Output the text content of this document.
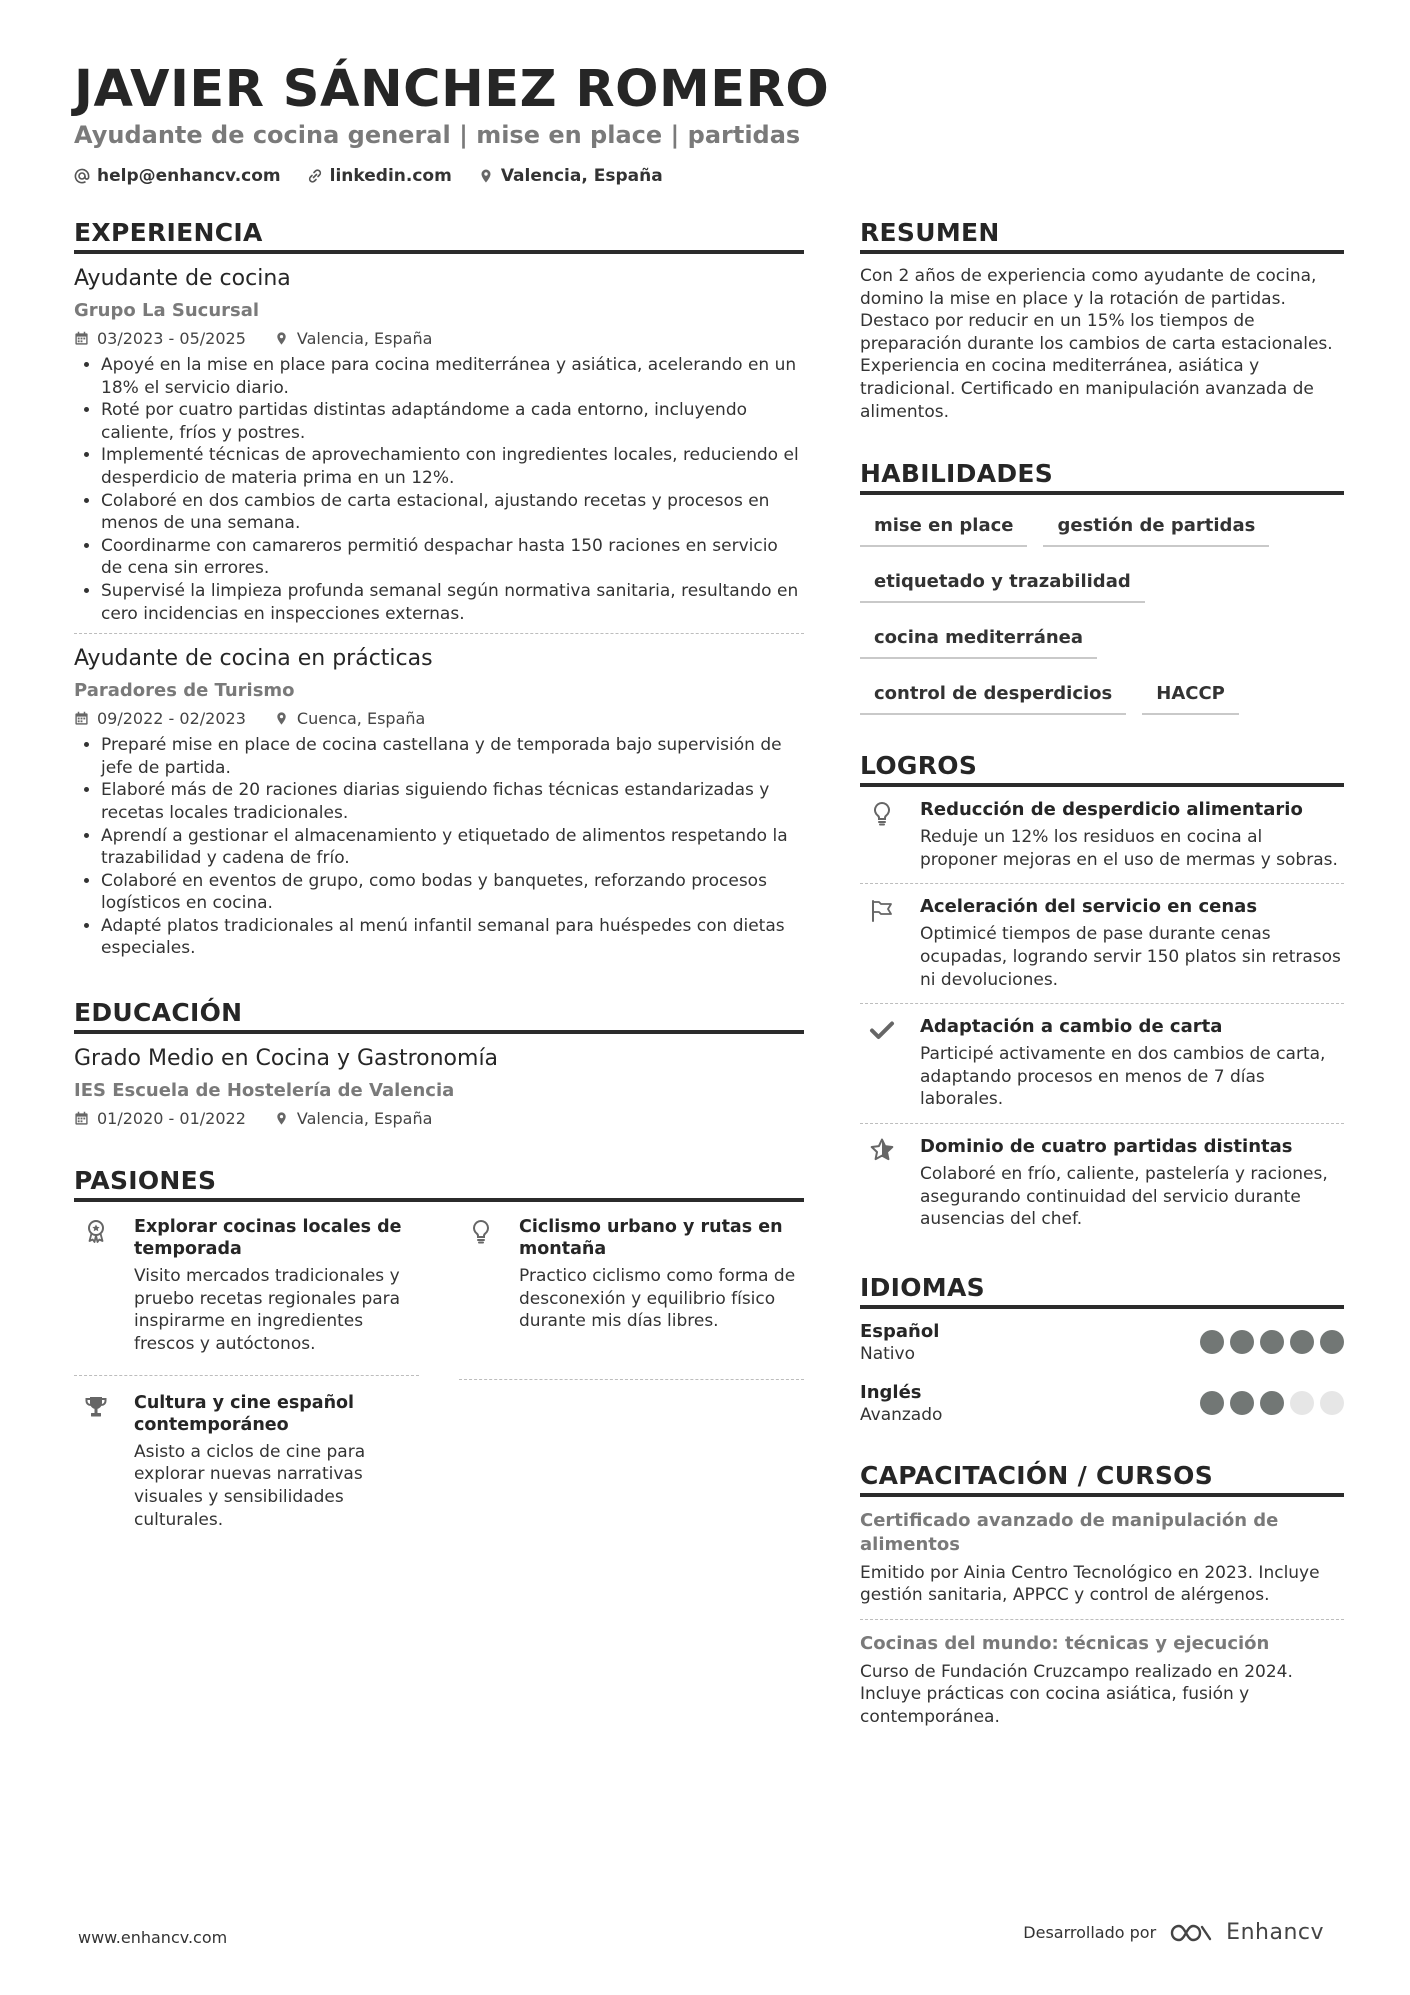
JAVIER SÁNCHEZ ROMERO
Ayudante de cocina general | mise en place | partidas
help@enhancv.com	linkedin.com	Valencia, España
EXPERIENCIA
Ayudante de cocina
Grupo La Sucursal
03/2023 - 05/2025	Valencia, España
• Apoyé en la mise en place para cocina mediterránea y asiática, acelerando en un 18% el servicio diario.
• Roté por cuatro partidas distintas adaptándome a cada entorno, incluyendo caliente, fríos y postres.
• Implementé técnicas de aprovechamiento con ingredientes locales, reduciendo el desperdicio de materia prima en un 12%.
• Colaboré en dos cambios de carta estacional, ajustando recetas y procesos en menos de una semana.
• Coordinarme con camareros permitió despachar hasta 150 raciones en servicio de cena sin errores.
• Supervisé la limpieza profunda semanal según normativa sanitaria, resultando en cero incidencias en inspecciones externas.
Ayudante de cocina en prácticas
Paradores de Turismo
09/2022 - 02/2023	Cuenca, España
• Preparé mise en place de cocina castellana y de temporada bajo supervisión de jefe de partida.
• Elaboré más de 20 raciones diarias siguiendo fichas técnicas estandarizadas y recetas locales tradicionales.
• Aprendí a gestionar el almacenamiento y etiquetado de alimentos respetando la trazabilidad y cadena de frío.
• Colaboré en eventos de grupo, como bodas y banquetes, reforzando procesos logísticos en cocina.
• Adapté platos tradicionales al menú infantil semanal para huéspedes con dietas especiales.
EDUCACIÓN
Grado Medio en Cocina y Gastronomía
IES Escuela de Hostelería de Valencia
01/2020 - 01/2022	Valencia, España
PASIONES
Explorar cocinas locales de temporada
Visito mercados tradicionales y pruebo recetas regionales para inspirarme en ingredientes frescos y autóctonos.
Ciclismo urbano y rutas en montaña
Practico ciclismo como forma de desconexión y equilibrio físico durante mis días libres.
Cultura y cine español contemporáneo
Asisto a ciclos de cine para explorar nuevas narrativas visuales y sensibilidades culturales.
RESUMEN
Con 2 años de experiencia como ayudante de cocina, domino la mise en place y la rotación de partidas. Destaco por reducir en un 15% los tiempos de preparación durante los cambios de carta estacionales. Experiencia en cocina mediterránea, asiática y tradicional. Certificado en manipulación avanzada de alimentos.
HABILIDADES
mise en place	gestión de partidas
etiquetado y trazabilidad
cocina mediterránea
control de desperdicios	HACCP
LOGROS
Reducción de desperdicio alimentario
Reduje un 12% los residuos en cocina al proponer mejoras en el uso de mermas y sobras.
Aceleración del servicio en cenas
Optimicé tiempos de pase durante cenas ocupadas, logrando servir 150 platos sin retrasos ni devoluciones.
Adaptación a cambio de carta
Participé activamente en dos cambios de carta, adaptando procesos en menos de 7 días laborales.
Dominio de cuatro partidas distintas
Colaboré en frío, caliente, pastelería y raciones, asegurando continuidad del servicio durante ausencias del chef.
IDIOMAS
Español
Nativo
Inglés
Avanzado
CAPACITACIÓN / CURSOS
Certificado avanzado de manipulación de alimentos
Emitido por Ainia Centro Tecnológico en 2023. Incluye gestión sanitaria, APPCC y control de alérgenos.
Cocinas del mundo: técnicas y ejecución
Curso de Fundación Cruzcampo realizado en 2024. Incluye prácticas con cocina asiática, fusión y contemporánea.
www.enhancv.com	Desarrollado por	Enhancv
